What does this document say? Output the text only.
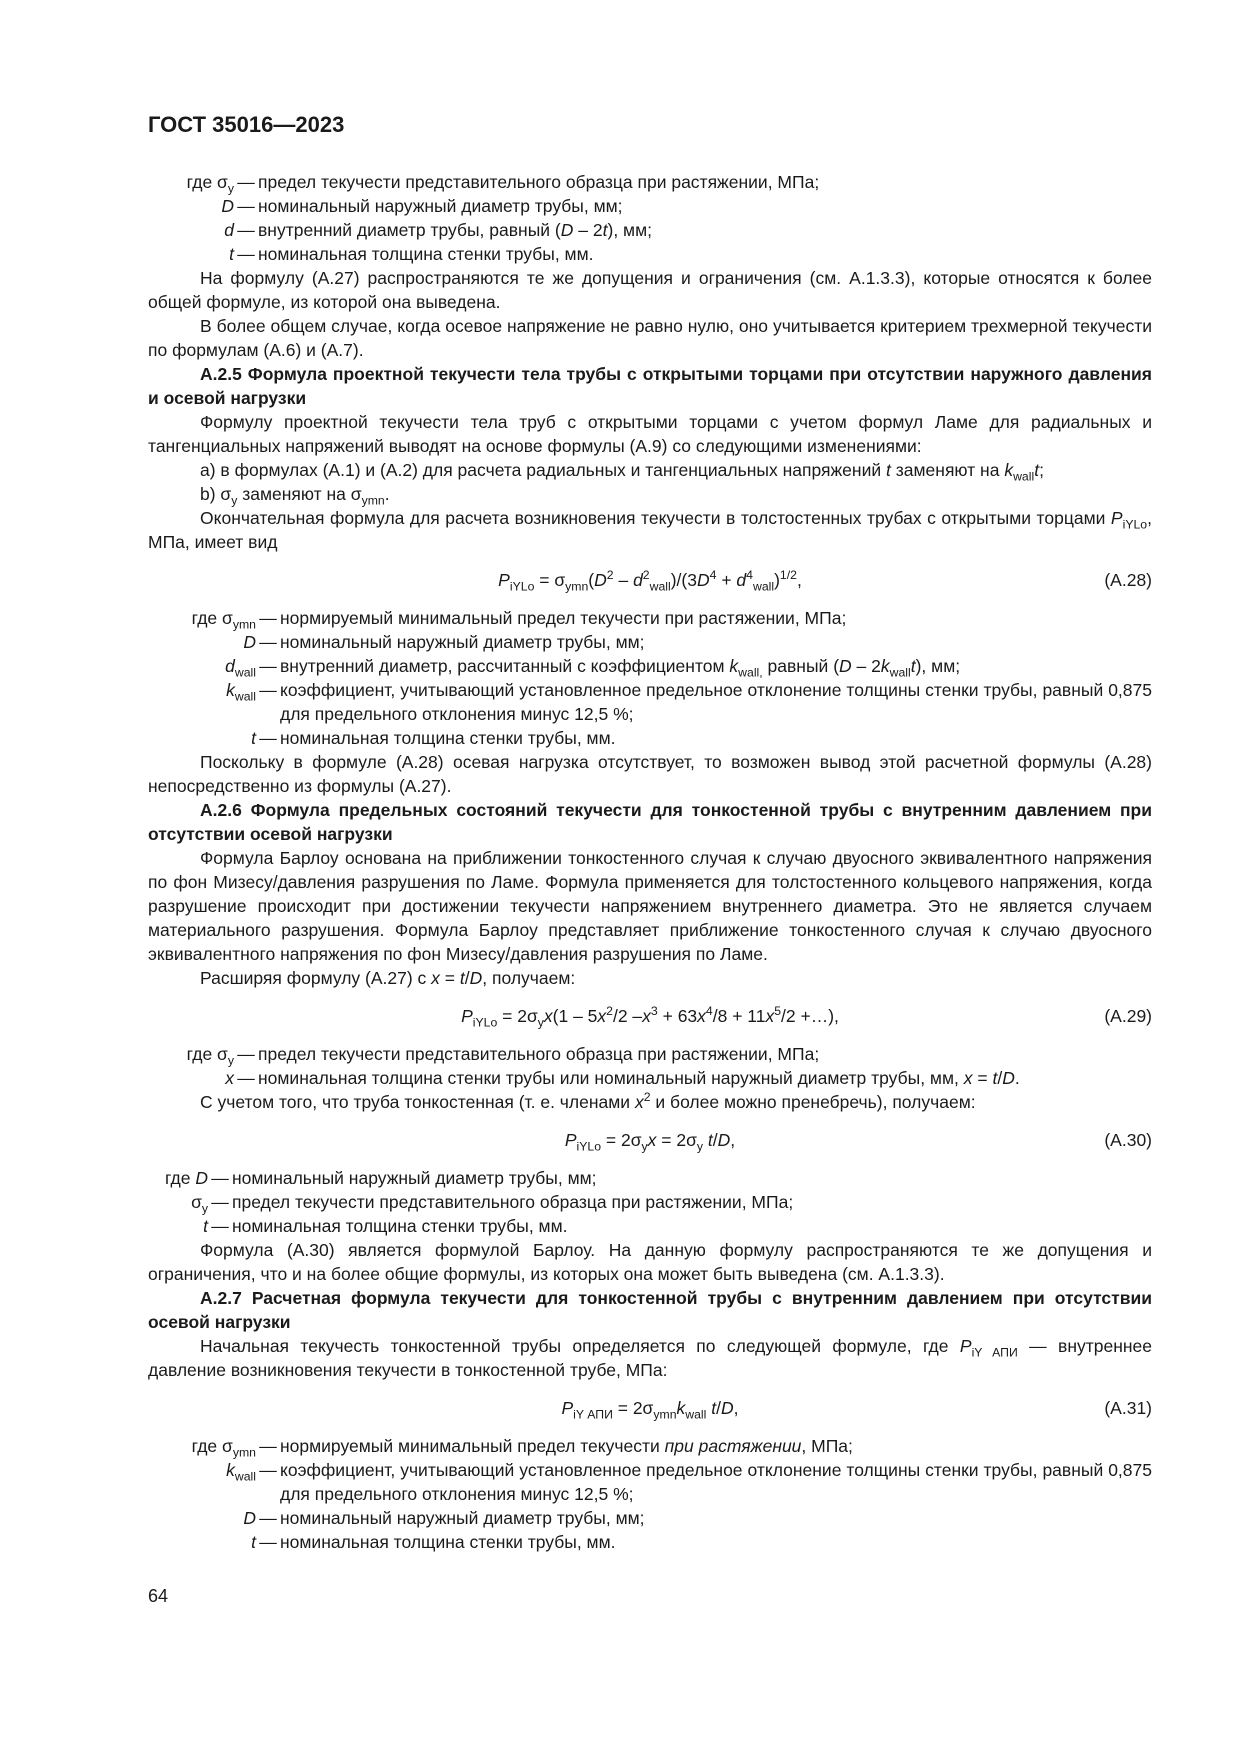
ГОСТ 35016—2023
где $\sigma_y$ — предел текучести представительного образца при растяжении, МПа;
D — номинальный наружный диаметр трубы, мм;
d — внутренний диаметр трубы, равный (D – 2t), мм;
t — номинальная толщина стенки трубы, мм.

На формулу (А.27) распространяются те же допущения и ограничения (см. А.1.3.3), которые относятся к более общей формуле, из которой она выведена.

В более общем случае, когда осевое напряжение не равно нулю, оно учитывается критерием трехмерной текучести по формулам (А.6) и (А.7).

А.2.5 Формула проектной текучести тела трубы с открытыми торцами при отсутствии наружного давления и осевой нагрузки

Формулу проектной текучести тела труб с открытыми торцами с учетом формул Ламе для радиальных и тангенциальных напряжений выводят на основе формулы (А.9) со следующими изменениями:

a) в формулах (А.1) и (А.2) для расчета радиальных и тангенциальных напряжений t заменяют на $k_{wall}t$;

b) $\sigma_y$ заменяют на $\sigma_{ymn}$.

Окончательная формула для расчета возникновения текучести в толстостенных трубах с открытыми торцами $P_{iYLo}$, МПа, имеет вид

$P_{iYLo} = \sigma_{ymn}(D^2 - d^2_{wall})/(3D^4 + d^4_{wall})^{1/2}$,	(А.28)
где $\sigma_{ymn}$ — нормируемый минимальный предел текучести при растяжении, МПа;
D — номинальный наружный диаметр трубы, мм;
$d_{wall}$ — внутренний диаметр, рассчитанный с коэффициентом $k_{wall,}$ равный $(D - 2k_{wall}t)$, мм;
$k_{wall}$ — коэффициент, учитывающий установленное предельное отклонение толщины стенки трубы, равный 0,875 для предельного отклонения минус 12,5 %;
t — номинальная толщина стенки трубы, мм.

Поскольку в формуле (А.28) осевая нагрузка отсутствует, то возможен вывод этой расчетной формулы (А.28) непосредственно из формулы (А.27).

А.2.6 Формула предельных состояний текучести для тонкостенной трубы с внутренним давлением при отсутствии осевой нагрузки

Формула Барлоу основана на приближении тонкостенного случая к случаю двуосного эквивалентного напряжения по фон Мизесу/давления разрушения по Ламе. Формула применяется для толстостенного кольцевого напряжения, когда разрушение происходит при достижении текучести напряжением внутреннего диаметра. Это не является случаем материального разрушения. Формула Барлоу представляет приближение тонкостенного случая к случаю двуосного эквивалентного напряжения по фон Мизесу/давления разрушения по Ламе.

Расширяя формулу (А.27) с x = t/D, получаем:

$P_{iYLo} = 2\sigma_yx(1 - 5x^2/2$ $-x^3 + 63x^4/8 + 11x^5/2$ +…),	(А.29)
где $\sigma_y$ — предел текучести представительного образца при растяжении, МПа;
x — номинальная толщина стенки трубы или номинальный наружный диаметр трубы, мм, x = t/D.

С учетом того, что труба тонкостенная (т. е. членами $x^2$ и более можно пренебречь), получаем:

$P_{iYLo} = 2\sigma_yx = 2\sigma_y$ t/D,	(А.30)
где D — номинальный наружный диаметр трубы, мм;
$\sigma_y$ — предел текучести представительного образца при растяжении, МПа;
t — номинальная толщина стенки трубы, мм.

Формула (А.30) является формулой Барлоу. На данную формулу распространяются те же допущения и ограничения, что и на более общие формулы, из которых она может быть выведена (см. А.1.3.3).

А.2.7 Расчетная формула текучести для тонкостенной трубы с внутренним давлением при отсутствии осевой нагрузки

Начальная текучесть тонкостенной трубы определяется по следующей формуле, где $P_{iY АПИ}$ — внутреннее давление возникновения текучести в тонкостенной трубе, МПа:

$P_{iY АПИ} = 2\sigma_{ymn}k_{wall}$ t/D,	(А.31)
где $\sigma_{ymn}$ — нормируемый минимальный предел текучести при растяжении, МПа;
$k_{wall}$ — коэффициент, учитывающий установленное предельное отклонение толщины стенки трубы, равный 0,875 для предельного отклонения минус 12,5 %;
D — номинальный наружный диаметр трубы, мм;
t — номинальная толщина стенки трубы, мм.
64
